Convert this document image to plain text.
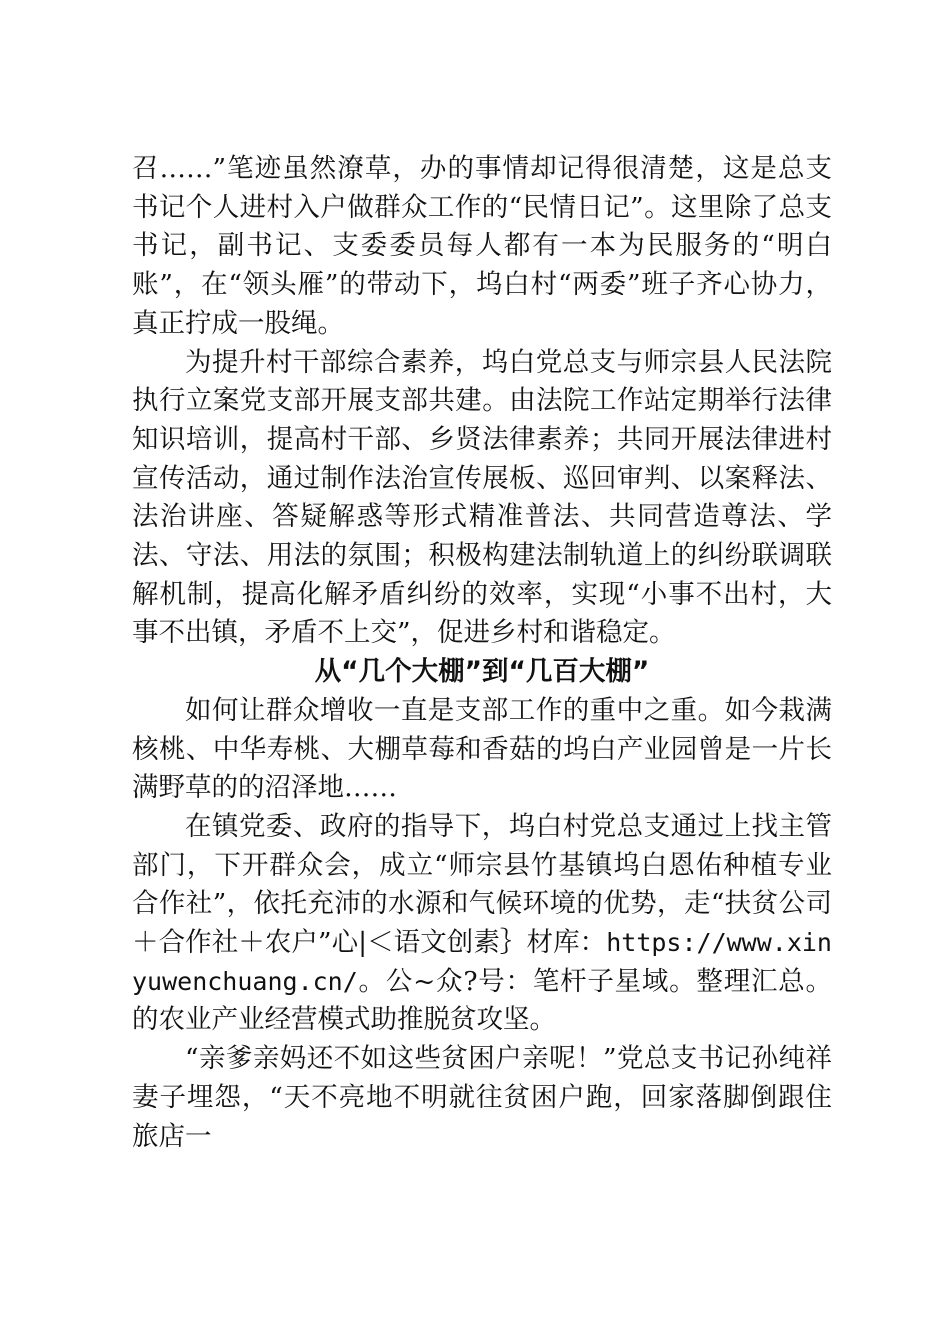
召……”笔迹虽然潦草，办的事情却记得很清楚，这是总支书记个人进村入户做群众工作的“民情日记”。这里除了总支书记，副书记、支委委员每人都有一本为民服务的“明白账”，在“领头雁”的带动下，坞白村“两委”班子齐心协力，真正拧成一股绳。

为提升村干部综合素养，坞白党总支与师宗县人民法院执行立案党支部开展支部共建。由法院工作站定期举行法律知识培训，提高村干部、乡贤法律素养；共同开展法律进村宣传活动，通过制作法治宣传展板、巡回审判、以案释法、法治讲座、答疑解惑等形式精准普法、共同营造尊法、学法、守法、用法的氛围；积极构建法制轨道上的纠纷联调联解机制，提高化解矛盾纠纷的效率，实现“小事不出村，大事不出镇，矛盾不上交”，促进乡村和谐稳定。

从“几个大棚”到“几百大棚”

如何让群众增收一直是支部工作的重中之重。如今栽满核桃、中华寿桃、大棚草莓和香菇的坞白产业园曾是一片长满野草的的沼泽地……

在镇党委、政府的指导下，坞白村党总支通过上找主管部门，下开群众会，成立“师宗县竹基镇坞白恩佑种植专业合作社”，依托充沛的水源和气候环境的优势，走“扶贫公司＋合作社＋农户”心|＜语文创素｝材库：https://www.xinyuwenchuang.cn/。公~众?号：笔杆子星域。整理汇总。的农业产业经营模式助推脱贫攻坚。

“亲爹亲妈还不如这些贫困户亲呢！”党总支书记孙纯祥妻子埋怨，“天不亮地不明就往贫困户跑，回家落脚倒跟住旅店一
